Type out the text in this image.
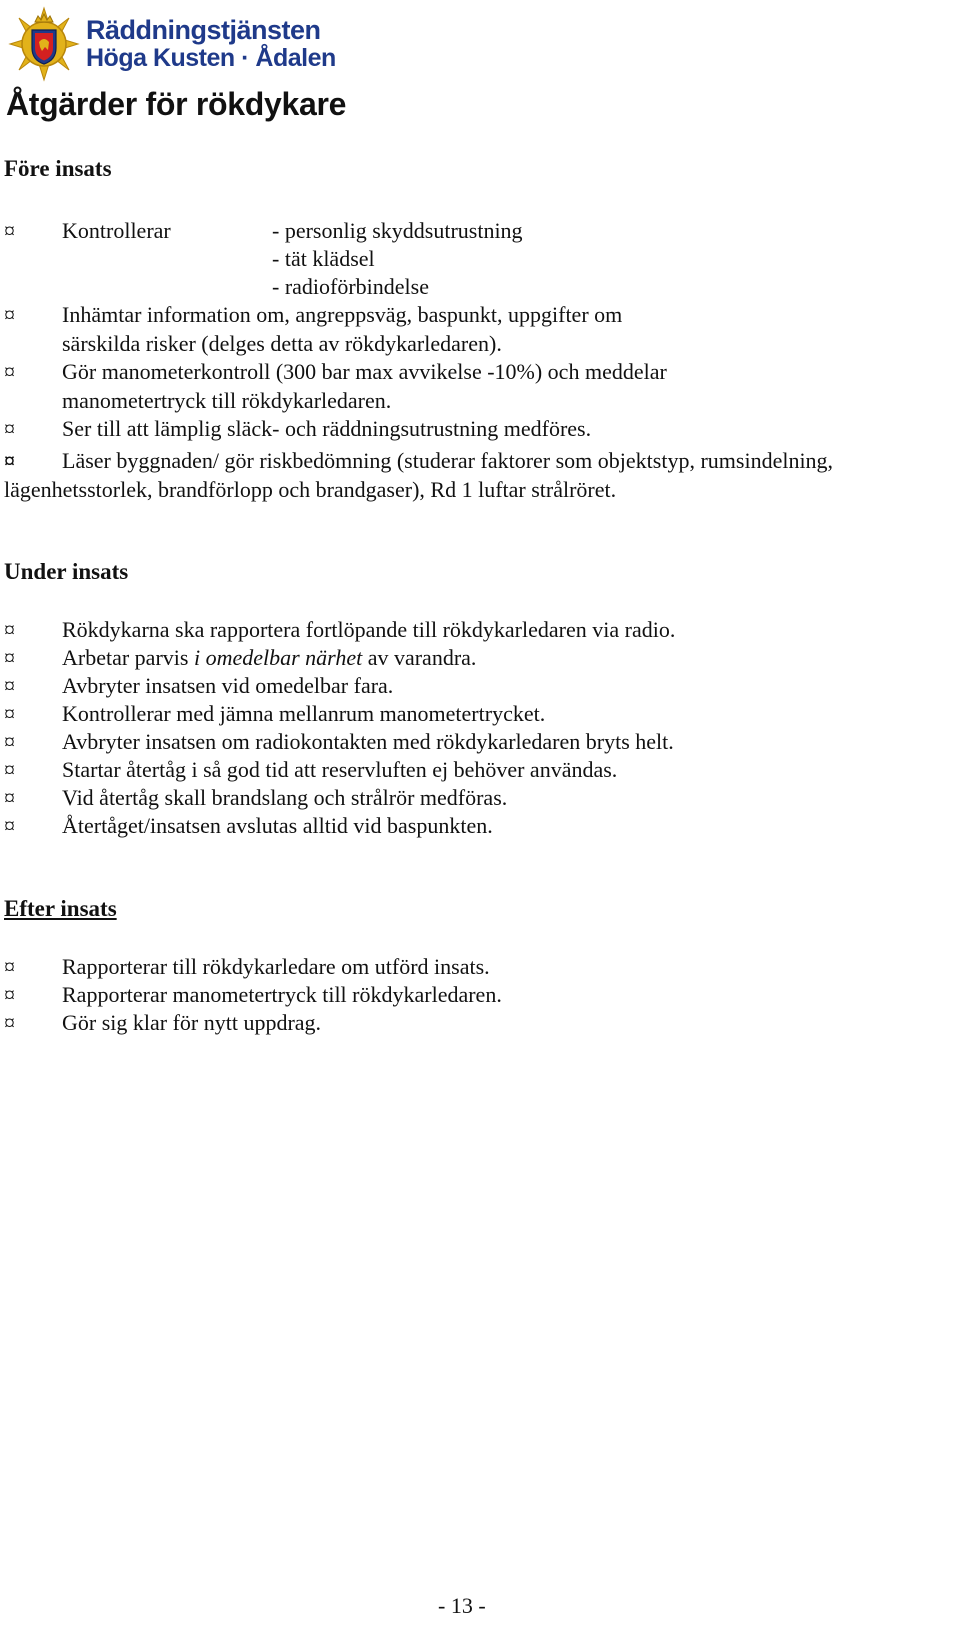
Räddningstjänsten
Höga Kusten · Ådalen
Åtgärder för rökdykare
Före insats
¤	Kontrollerar	- personlig skyddsutrustning
- tät klädsel
- radioförbindelse
¤	Inhämtar information om, angreppsväg, baspunkt, uppgifter om
särskilda risker (delges detta av rökdykarledaren).
¤	Gör manometerkontroll (300 bar max avvikelse -10%) och meddelar
manometertryck till rökdykarledaren.
¤	Ser till att lämplig släck- och räddningsutrustning medföres.
¤	Läser byggnaden/ gör riskbedömning (studerar faktorer som objektstyp, rumsindelning,
lägenhetsstorlek, brandförlopp och brandgaser), Rd 1 luftar strålröret.
Under insats
¤	Rökdykarna ska rapportera fortlöpande till rökdykarledaren via radio.
¤	Arbetar parvis i omedelbar närhet av varandra.
¤	Avbryter insatsen vid omedelbar fara.
¤	Kontrollerar med jämna mellanrum manometertrycket.
¤	Avbryter insatsen om radiokontakten med rökdykarledaren bryts helt.
¤	Startar återtåg i så god tid att reservluften ej behöver användas.
¤	Vid återtåg skall brandslang och strålrör medföras.
¤	Återtåget/insatsen avslutas alltid vid baspunkten.
Efter insats
¤	Rapporterar till rökdykarledare om utförd insats.
¤	Rapporterar manometertryck till rökdykarledaren.
¤	Gör sig klar för nytt uppdrag.
- 13 -
